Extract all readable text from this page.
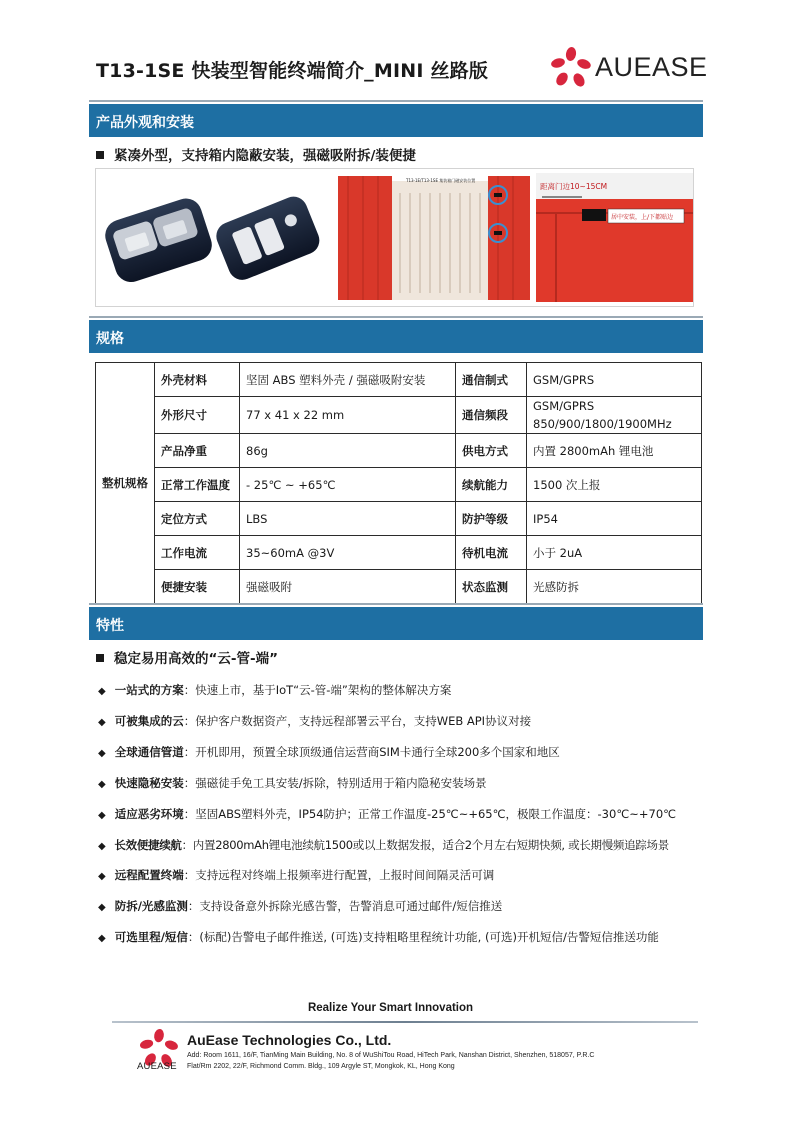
T13-1SE 快装型智能终端简介_MINI 丝路版	AUEASE
产品外观和安装
紧凑外型，支持箱内隐蔽安装，强磁吸附拆/装便捷
T13-1E/T13-1SE 集装箱门磁安装位置
距离门边10~15CM
居中安装，上/下都贴边
规格
整机规格	外壳材料	坚固 ABS 塑料外壳 / 强磁吸附安装	通信制式	GSM/GPRS
	外形尺寸	77 x 41 x 22 mm	通信频段	GSM/GPRS
850/900/1800/1900MHz

	产品净重	86g	供电方式	内置 2800mAh 锂电池
	正常工作温度	- 25℃ ~ +65℃	续航能力	1500 次上报
	定位方式	LBS	防护等级	IP54
	工作电流	35~60mA @3V	待机电流	小于 2uA
	便捷安装	强磁吸附	状态监测	光感防拆
特性
稳定易用高效的“云-管-端”
◆ 一站式的方案：快速上市，基于IoT“云-管-端”架构的整体解决方案
◆ 可被集成的云：保护客户数据资产，支持远程部署云平台，支持WEB API协议对接
◆ 全球通信管道：开机即用，预置全球顶级通信运营商SIM卡通行全球200多个国家和地区
◆ 快速隐秘安装：强磁徒手免工具安装/拆除，特别适用于箱内隐秘安装场景
◆ 适应恶劣环境：坚固ABS塑料外壳，IP54防护；正常工作温度-25℃~+65℃，极限工作温度：-30℃~+70℃
◆ 长效便捷续航：内置2800mAh锂电池续航1500或以上数据发报，适合2个月左右短期快频, 或长期慢频追踪场景
◆ 远程配置终端：支持远程对终端上报频率进行配置，上报时间间隔灵活可调
◆ 防拆/光感监测：支持设备意外拆除光感告警，告警消息可通过邮件/短信推送
◆ 可选里程/短信：(标配)告警电子邮件推送, (可选)支持粗略里程统计功能, (可选)开机短信/告警短信推送功能
Realize Your Smart Innovation
AUEASE
AuEase Technologies Co., Ltd.
Add: Room 1611, 16/F, TianMing Main Building, No. 8 of WuShiTou Road, HiTech Park, Nanshan District, Shenzhen, 518057, P.R.C
Flat/Rm 2202, 22/F, Richmond Comm. Bldg., 109 Argyle ST, Mongkok, KL, Hong Kong
